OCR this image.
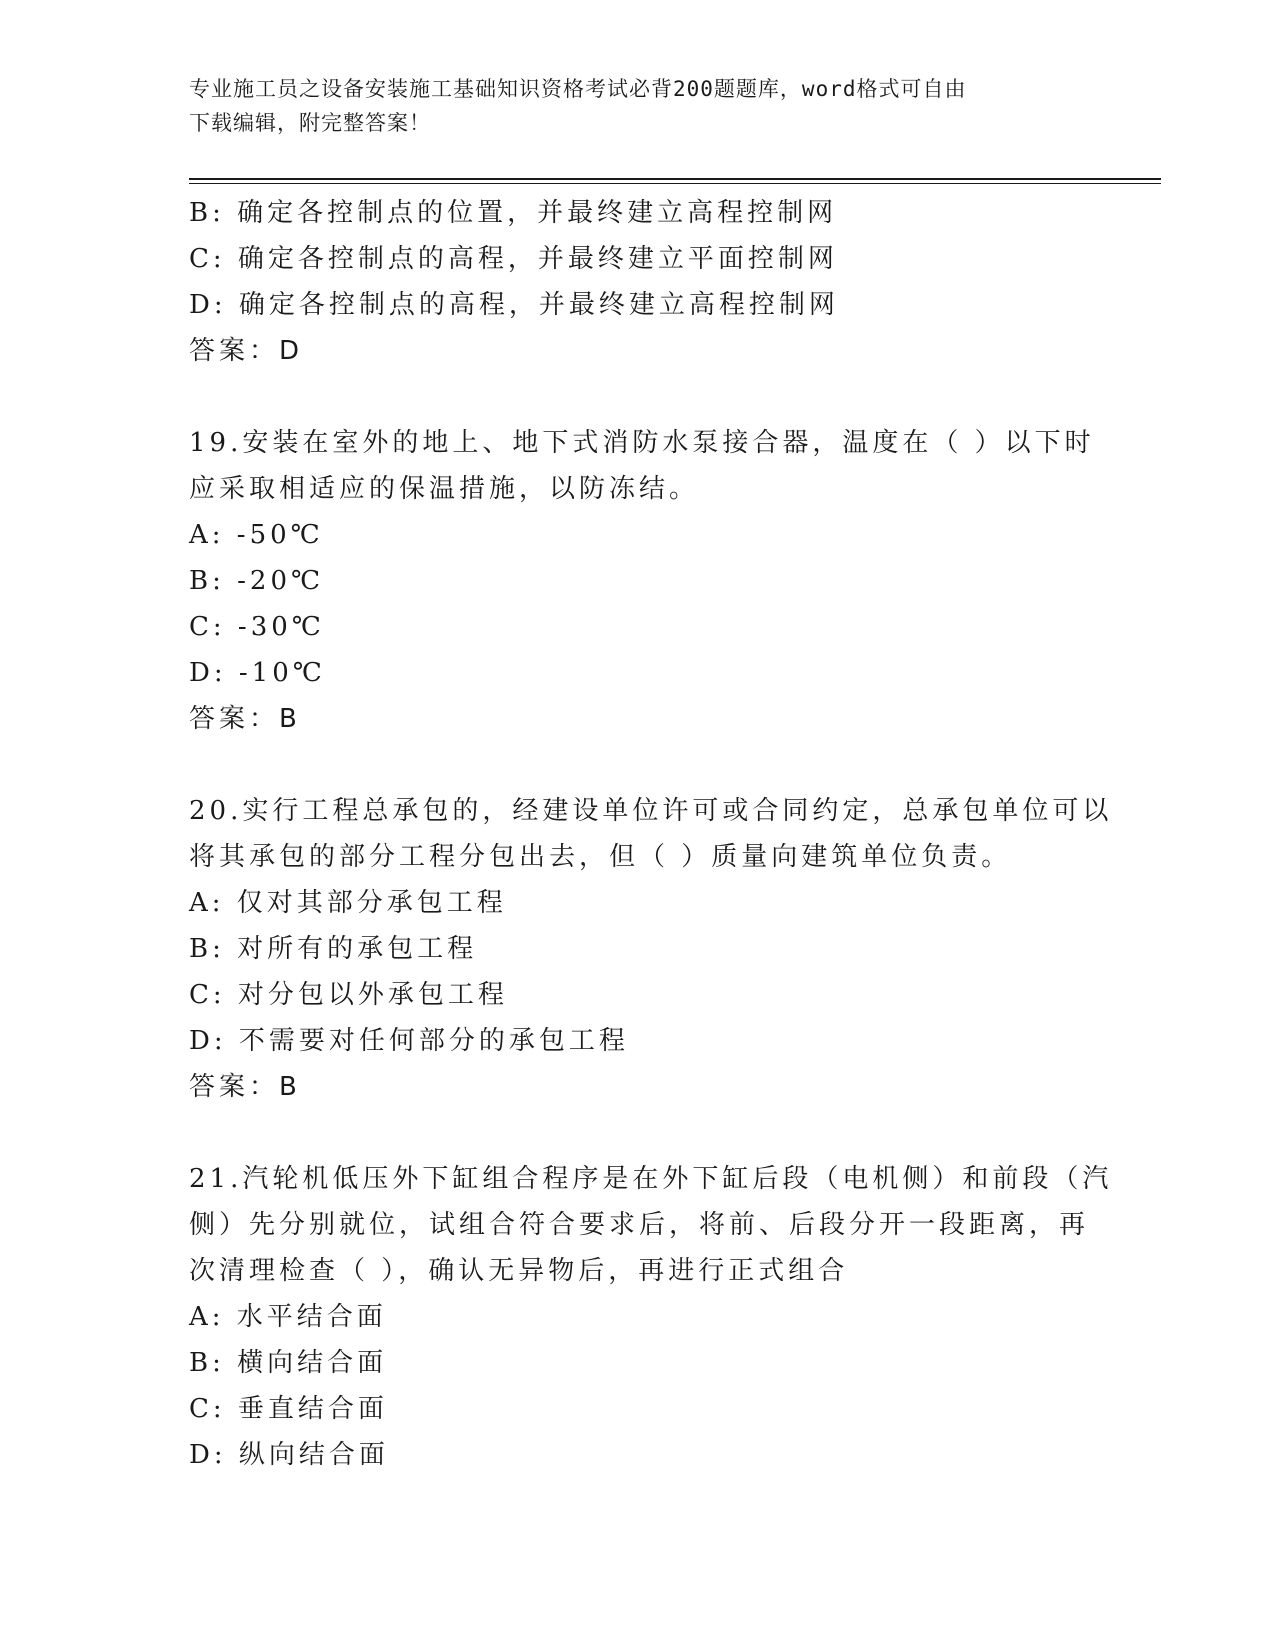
专业施工员之设备安装施工基础知识资格考试必背200题题库，word格式可自由
下载编辑，附完整答案！
B: 确定各控制点的位置，并最终建立高程控制网
C: 确定各控制点的高程，并最终建立平面控制网
D: 确定各控制点的高程，并最终建立高程控制网
答案：D
19.安装在室外的地上、地下式消防水泵接合器，温度在（ ）以下时
应采取相适应的保温措施，以防冻结。
A: -50℃
B: -20℃
C: -30℃
D: -10℃
答案：B
20.实行工程总承包的，经建设单位许可或合同约定，总承包单位可以
将其承包的部分工程分包出去，但（ ）质量向建筑单位负责。
A: 仅对其部分承包工程
B: 对所有的承包工程
C: 对分包以外承包工程
D: 不需要对任何部分的承包工程
答案：B
21.汽轮机低压外下缸组合程序是在外下缸后段（电机侧）和前段（汽
侧）先分别就位，试组合符合要求后，将前、后段分开一段距离，再
次清理检查（ ），确认无异物后，再进行正式组合
A: 水平结合面
B: 横向结合面
C: 垂直结合面
D: 纵向结合面
